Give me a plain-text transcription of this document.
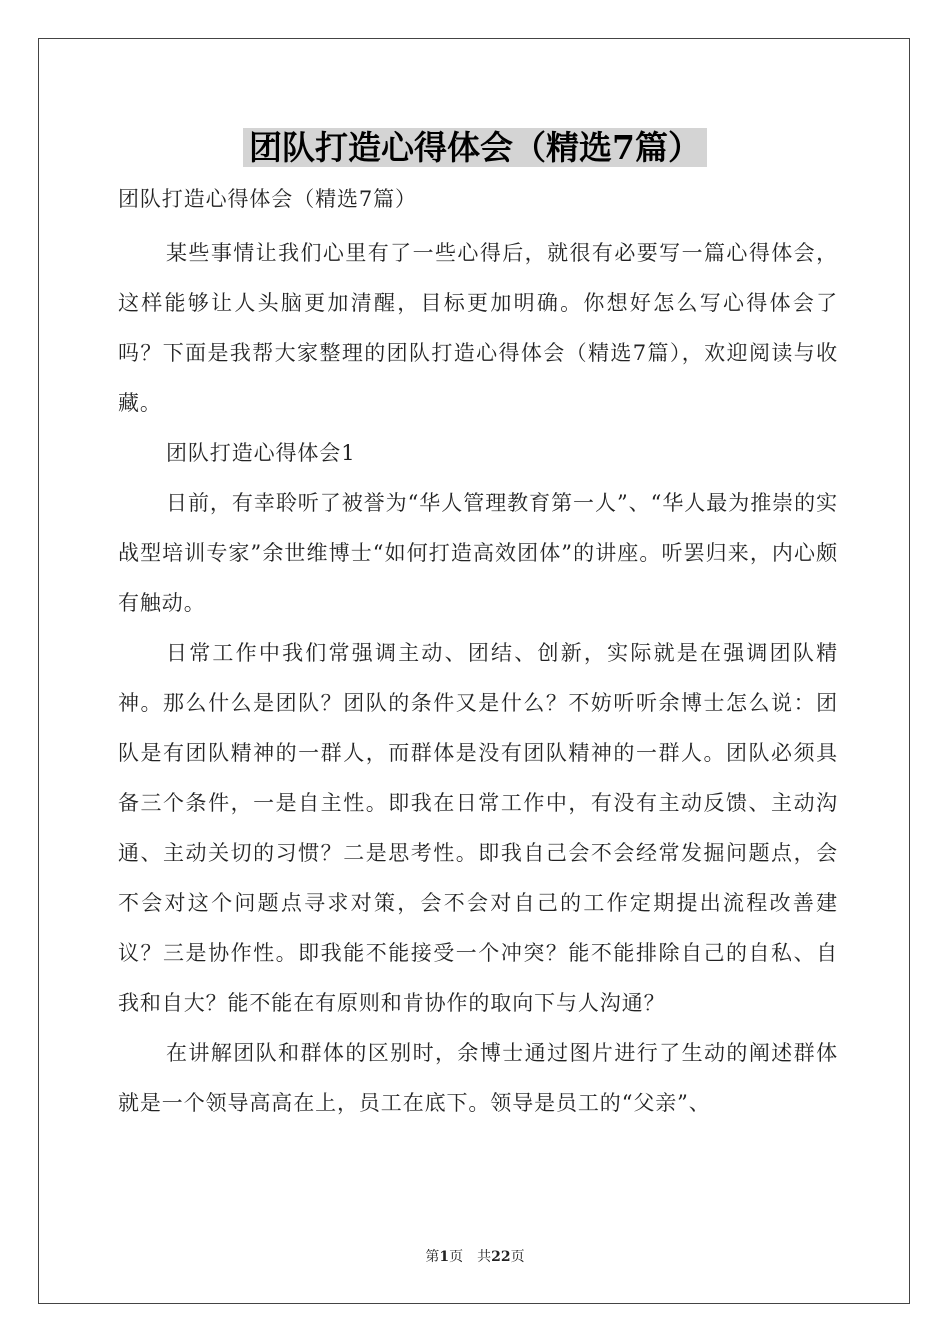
团队打造心得体会（精选7篇）
团队打造心得体会（精选7篇）

某些事情让我们心里有了一些心得后，就很有必要写一篇心得体会，这样能够让人头脑更加清醒，目标更加明确。你想好怎么写心得体会了吗？下面是我帮大家整理的团队打造心得体会（精选7篇），欢迎阅读与收藏。

团队打造心得体会1

日前，有幸聆听了被誉为“华人管理教育第一人”、“华人最为推崇的实战型培训专家”余世维博士“如何打造高效团体”的讲座。听罢归来，内心颇有触动。

日常工作中我们常强调主动、团结、创新，实际就是在强调团队精神。那么什么是团队？团队的条件又是什么？不妨听听余博士怎么说：团队是有团队精神的一群人，而群体是没有团队精神的一群人。团队必须具备三个条件，一是自主性。即我在日常工作中，有没有主动反馈、主动沟通、主动关切的习惯？二是思考性。即我自己会不会经常发掘问题点，会不会对这个问题点寻求对策，会不会对自己的工作定期提出流程改善建议？三是协作性。即我能不能接受一个冲突？能不能排除自己的自私、自我和自大？能不能在有原则和肯协作的取向下与人沟通？

在讲解团队和群体的区别时，余博士通过图片进行了生动的阐述群体就是一个领导高高在上，员工在底下。领导是员工的“父亲”、

第1页　共22页
